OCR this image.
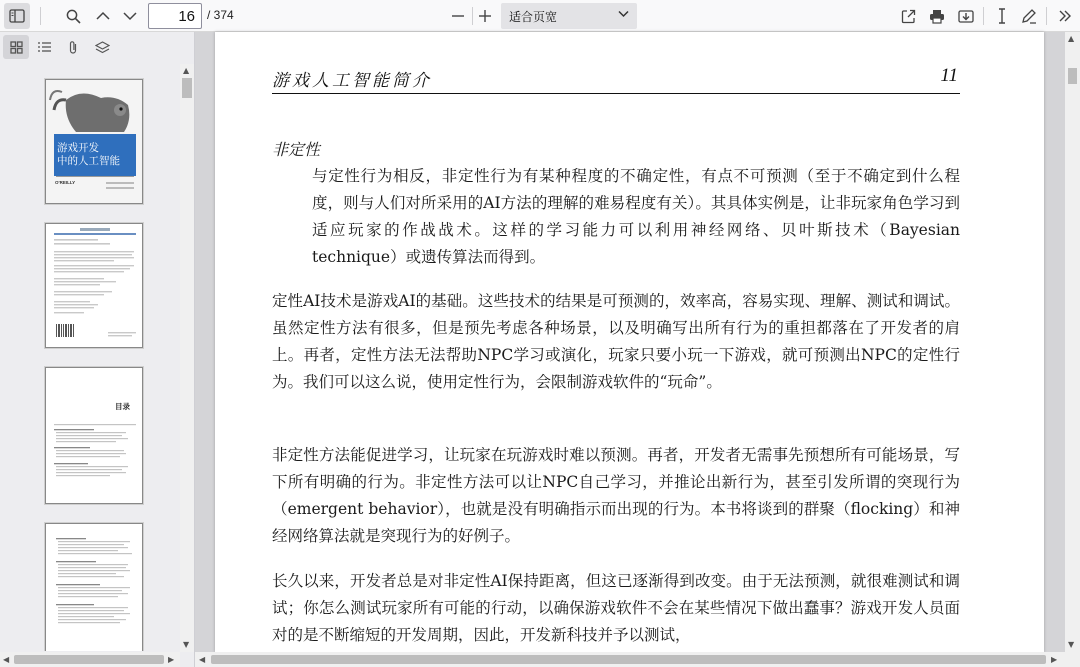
16
/ 374	适合页宽
游戏开发
中的人工智能
O'REILLY
目录
▲
▼
◀	▶
游戏人工智能简介	11
非定性
与定性行为相反，非定性行为有某种程度的不确定性，有点不可预测（至于不确定到什么程度，则与人们对所采用的AI方法的理解的难易程度有关）。其具体实例是，让非玩家角色学习到适应玩家的作战战术。这样的学习能力可以利用神经网络、贝叶斯技术（Bayesian technique）或遗传算法而得到。
定性AI技术是游戏AI的基础。这些技术的结果是可预测的，效率高，容易实现、理解、测试和调试。虽然定性方法有很多，但是预先考虑各种场景，以及明确写出所有行为的重担都落在了开发者的肩上。再者，定性方法无法帮助NPC学习或演化，玩家只要小玩一下游戏，就可预测出NPC的定性行为。我们可以这么说，使用定性行为，会限制游戏软件的“玩命”。
非定性方法能促进学习，让玩家在玩游戏时难以预测。再者，开发者无需事先预想所有可能场景，写下所有明确的行为。非定性方法可以让NPC自己学习，并推论出新行为，甚至引发所谓的突现行为（emergent behavior），也就是没有明确指示而出现的行为。本书将谈到的群聚（flocking）和神经网络算法就是突现行为的好例子。
长久以来，开发者总是对非定性AI保持距离，但这已逐渐得到改变。由于无法预测，就很难测试和调试；你怎么测试玩家所有可能的行动，以确保游戏软件不会在某些情况下做出蠢事？游戏开发人员面对的是不断缩短的开发周期，因此，开发新科技并予以测试，
▲
▼
◀	▶
